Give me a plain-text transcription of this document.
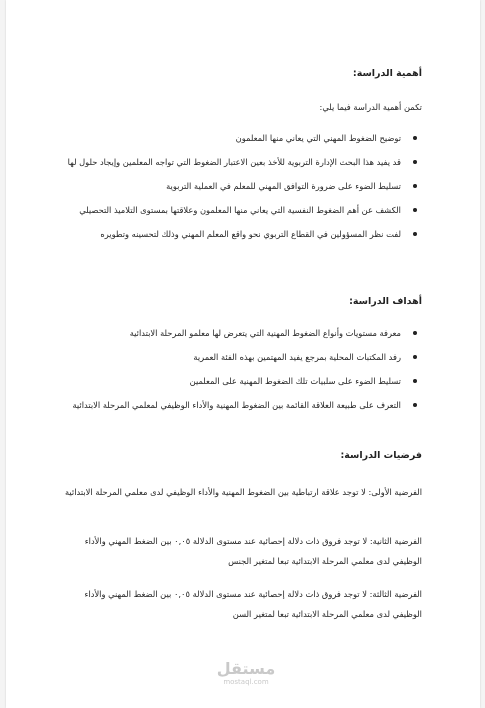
أهمية الدراسة:

تكمن أهمية الدراسة فيما يلي:

توضيح الضغوط المهني التي يعاني منها المعلمون
قد يفيد هذا البحث الإدارة التربوية للأخذ بعين الاعتبار الضغوط التي تواجه المعلمين وإيجاد حلول لها
تسليط الضوء على ضرورة التوافق المهني للمعلم في العملية التربوية
الكشف عن أهم الضغوط النفسية التي يعاني منها المعلمون وعلاقتها بمستوى التلاميذ التحصيلي
لفت نظر المسؤولين في القطاع التربوي نحو واقع المعلم المهني وذلك لتحسينه وتطويره
أهداف الدراسة:
معرفة مستويات وأنواع الضغوط المهنية التي يتعرض لها معلمو المرحلة الابتدائية
رفد المكتبات المحلية بمرجع يفيد المهتمين بهذه الفئة العمرية
تسليط الضوء على سلبيات تلك الضغوط المهنية على المعلمين
التعرف على طبيعة العلاقة القائمة بين الضغوط المهنية والأداء الوظيفي لمعلمي المرحلة الابتدائية
فرضيات الدراسة:

الفرضية الأولى: لا توجد علاقة ارتباطية بين الضغوط المهنية والأداء الوظيفي لدى معلمي المرحلة الابتدائية

الفرضية الثانية: لا توجد فروق ذات دلالة إحصائية عند مستوى الدلالة ٠,٠٥ بين الضغط المهني والأداء الوظيفي لدى معلمي المرحلة الابتدائية تبعا لمتغير الجنس

الفرضية الثالثة: لا توجد فروق ذات دلالة إحصائية عند مستوى الدلالة ٠,٠٥ بين الضغط المهني والأداء الوظيفي لدى معلمي المرحلة الابتدائية تبعا لمتغير السن

مستقل
mostaql.com
